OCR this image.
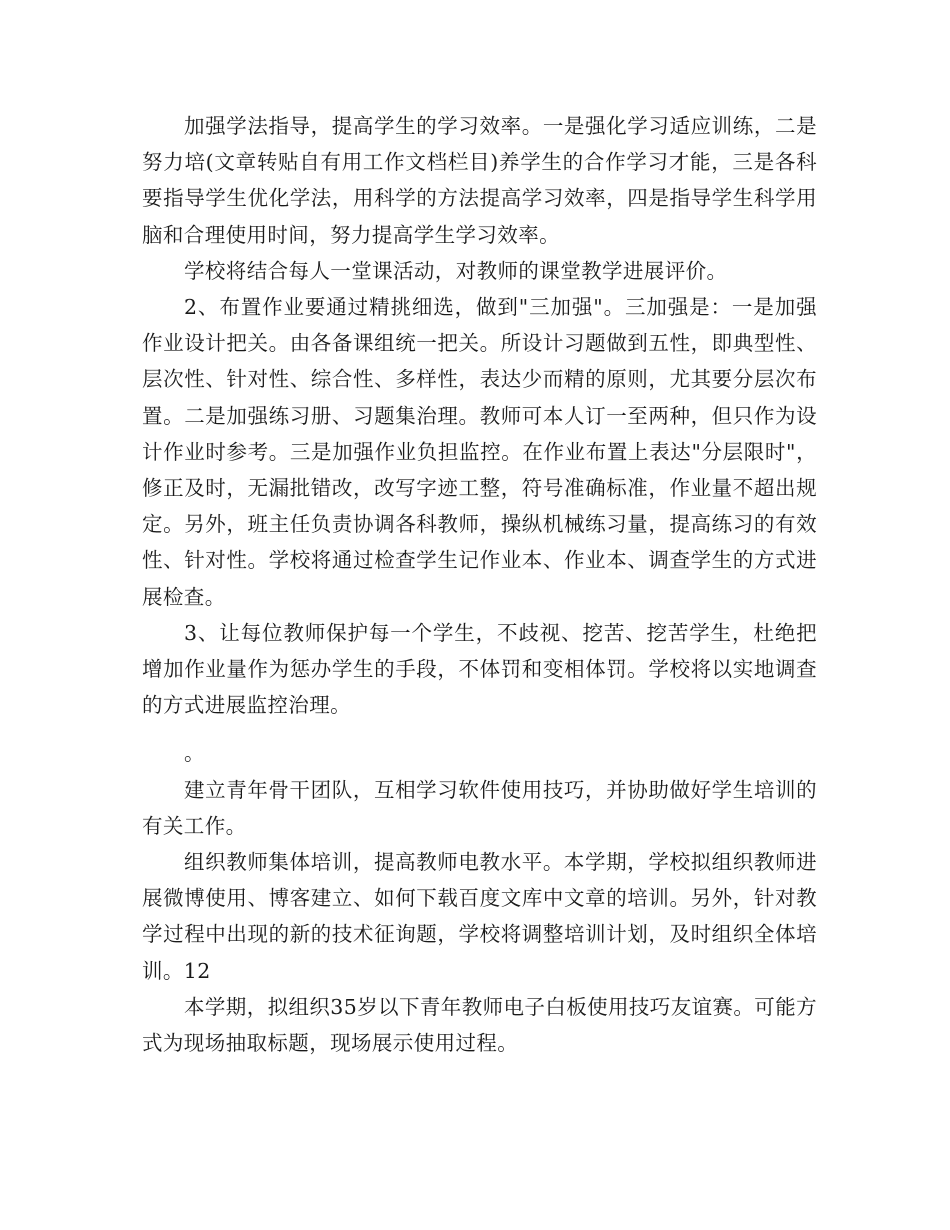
加强学法指导，提高学生的学习效率。一是强化学习适应训练，二是努力培(文章转贴自有用工作文档栏目)养学生的合作学习才能，三是各科要指导学生优化学法，用科学的方法提高学习效率，四是指导学生科学用脑和合理使用时间，努力提高学生学习效率。

学校将结合每人一堂课活动，对教师的课堂教学进展评价。

2、布置作业要通过精挑细选，做到"三加强"。三加强是：一是加强作业设计把关。由各备课组统一把关。所设计习题做到五性，即典型性、层次性、针对性、综合性、多样性，表达少而精的原则，尤其要分层次布置。二是加强练习册、习题集治理。教师可本人订一至两种，但只作为设计作业时参考。三是加强作业负担监控。在作业布置上表达"分层限时"，修正及时，无漏批错改，改写字迹工整，符号准确标准，作业量不超出规定。另外，班主任负责协调各科教师，操纵机械练习量，提高练习的有效性、针对性。学校将通过检查学生记作业本、作业本、调查学生的方式进展检查。

3、让每位教师保护每一个学生，不歧视、挖苦、挖苦学生，杜绝把增加作业量作为惩办学生的手段，不体罚和变相体罚。学校将以实地调查的方式进展监控治理。

。

建立青年骨干团队，互相学习软件使用技巧，并协助做好学生培训的有关工作。

组织教师集体培训，提高教师电教水平。本学期，学校拟组织教师进展微博使用、博客建立、如何下载百度文库中文章的培训。另外，针对教学过程中出现的新的技术征询题，学校将调整培训计划，及时组织全体培训。12

本学期，拟组织35岁以下青年教师电子白板使用技巧友谊赛。可能方式为现场抽取标题，现场展示使用过程。
